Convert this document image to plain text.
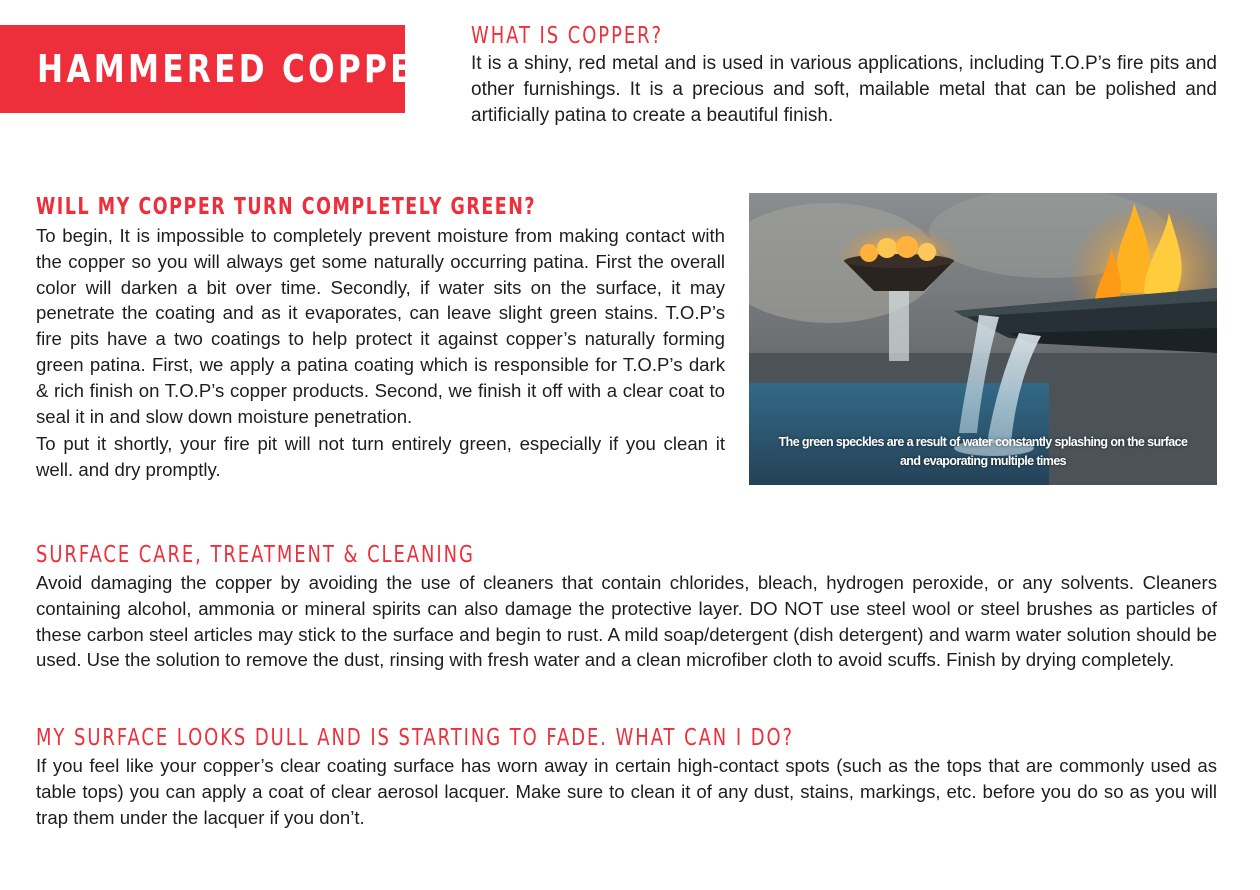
HAMMERED COPPER
WHAT IS COPPER?

It is a shiny, red metal and is used in various applications, including T.O.P’s fire pits and other furnishings. It is a precious and soft, mailable metal that can be polished and artificially patina to create a beautiful finish.

WILL MY COPPER TURN COMPLETELY GREEN?

To begin, It is impossible to completely prevent moisture from making contact with the copper so you will always get some naturally occurring patina. First the overall color will darken a bit over time. Secondly, if water sits on the surface, it may penetrate the coating and as it evaporates, can leave slight green stains. T.O.P’s fire pits have a two coatings to help protect it against copper’s naturally forming green patina. First, we apply a patina coating which is responsible for T.O.P’s dark & rich finish on T.O.P’s copper products. Second, we finish it off with a clear coat to seal it in and slow down moisture penetration.

To put it shortly, your fire pit will not turn entirely green, especially if you clean it well. and dry promptly.

The green speckles are a result of water constantly splashing on the surface
and evaporating multiple times
SURFACE CARE, TREATMENT & CLEANING

Avoid damaging the copper by avoiding the use of cleaners that contain chlorides, bleach, hydrogen peroxide, or any solvents. Cleaners containing alcohol, ammonia or mineral spirits can also damage the protective layer. DO NOT use steel wool or steel brushes as particles of these carbon steel articles may stick to the surface and begin to rust. A mild soap/detergent (dish detergent) and warm water solution should be used. Use the solution to remove the dust, rinsing with fresh water and a clean microfiber cloth to avoid scuffs. Finish by drying completely.

MY SURFACE LOOKS DULL AND IS STARTING TO FADE. WHAT CAN I DO?

If you feel like your copper’s clear coating surface has worn away in certain high-contact spots (such as the tops that are commonly used as table tops) you can apply a coat of clear aerosol lacquer. Make sure to clean it of any dust, stains, markings, etc. before you do so as you will trap them under the lacquer if you don’t.
